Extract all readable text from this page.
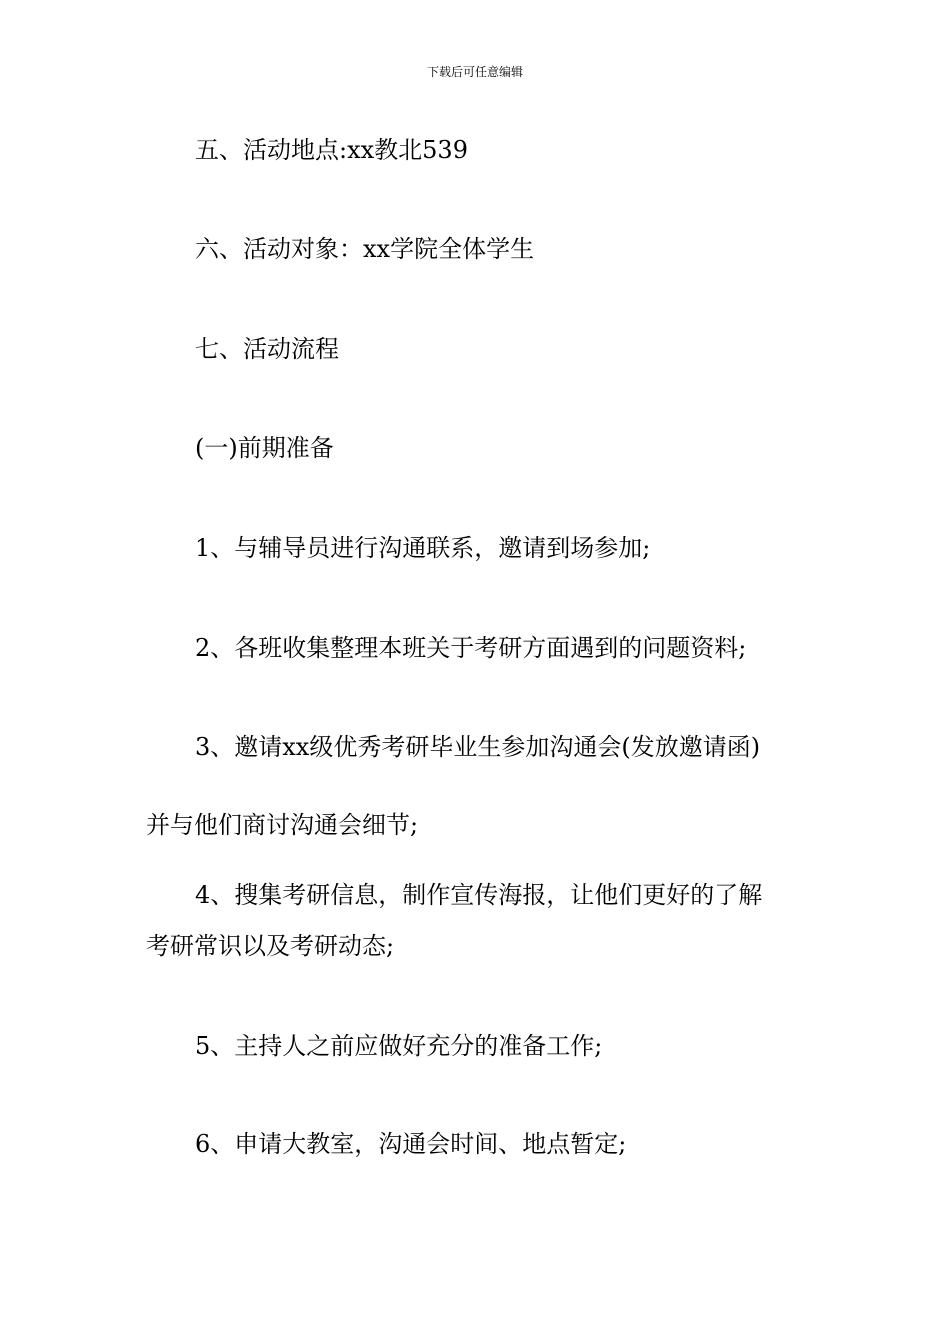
下载后可任意编辑

五、活动地点:xx教北539

六、活动对象：xx学院全体学生

七、活动流程

(一)前期准备

1、与辅导员进行沟通联系，邀请到场参加;

2、各班收集整理本班关于考研方面遇到的问题资料;

3、邀请xx级优秀考研毕业生参加沟通会(发放邀请函)

并与他们商讨沟通会细节;

4、搜集考研信息，制作宣传海报，让他们更好的了解

考研常识以及考研动态;

5、主持人之前应做好充分的准备工作;

6、申请大教室，沟通会时间、地点暂定;
